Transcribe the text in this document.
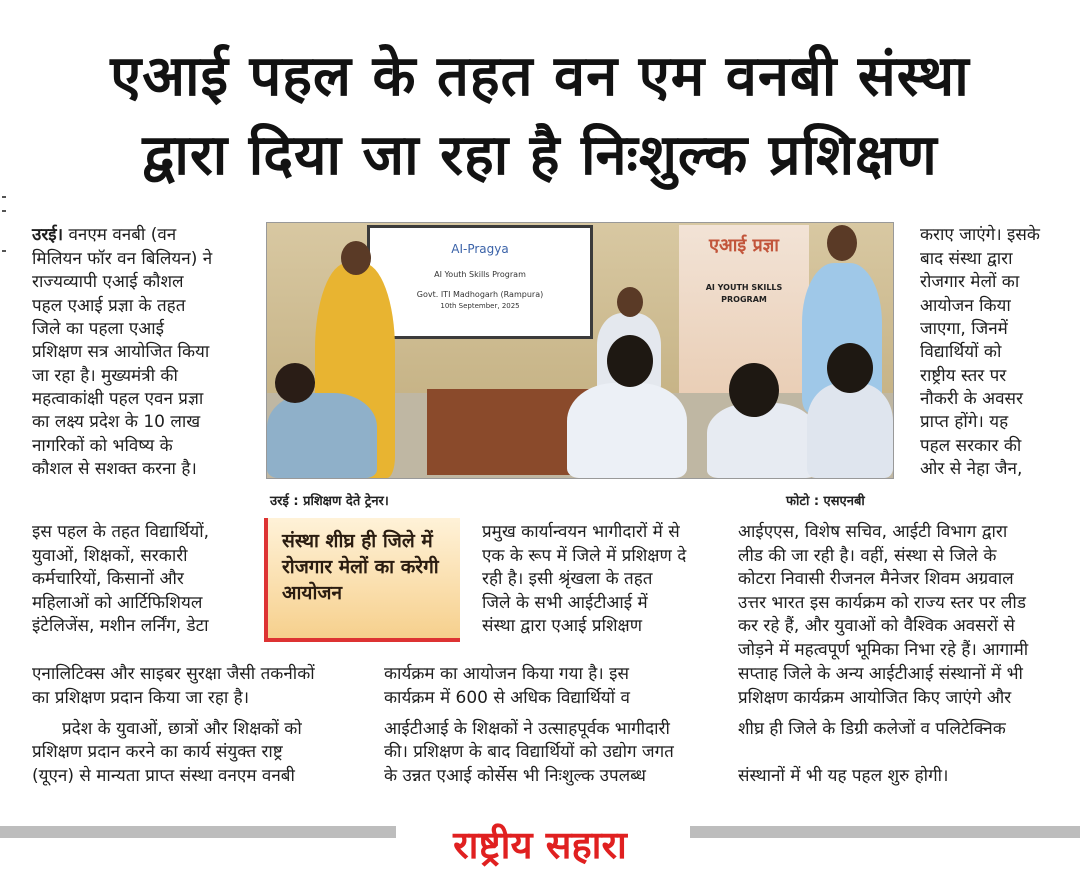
एआई पहल के तहत वन एम वनबी संस्था
द्वारा दिया जा रहा है निःशुल्क प्रशिक्षण
उरई। वनएम वनबी (वन
मिलियन फॉर वन बिलियन) ने
राज्यव्यापी एआई कौशल
पहल एआई प्रज्ञा के तहत
जिले का पहला एआई
प्रशिक्षण सत्र आयोजित किया
जा रहा है। मुख्यमंत्री की
महत्वाकांक्षी पहल एवन प्रज्ञा
का लक्ष्य प्रदेश के 10 लाख
नागरिकों को भविष्य के
कौशल से सशक्त करना है।
इस पहल के तहत विद्यार्थियों,
युवाओं, शिक्षकों, सरकारी
कर्मचारियों, किसानों और
महिलाओं को आर्टिफिशियल
इंटेलिजेंस, मशीन लर्निंग, डेटा
एनालिटिक्स और साइबर सुरक्षा जैसी तकनीकों
का प्रशिक्षण प्रदान किया जा रहा है।
प्रदेश के युवाओं, छात्रों और शिक्षकों को
प्रशिक्षण प्रदान करने का कार्य संयुक्त राष्ट्र
(यूएन) से मान्यता प्राप्त संस्था वनएम वनबी
AI-Pragya
AI Youth Skills Program
Govt. ITI Madhogarh (Rampura)
10th September, 2025
एआई प्रज्ञा
AI YOUTH SKILLS
PROGRAM
उरई : प्रशिक्षण देते ट्रेनर।	फोटो : एसएनबी
संस्था शीघ्र ही जिले में रोजगार मेलों का करेगी आयोजन
प्रमुख कार्यान्वयन भागीदारों में से
एक के रूप में जिले में प्रशिक्षण दे
रही है। इसी श्रृंखला के तहत
जिले के सभी आईटीआई में
संस्था द्वारा एआई प्रशिक्षण
कार्यक्रम का आयोजन किया गया है। इस
कार्यक्रम में 600 से अधिक विद्यार्थियों व
आईटीआई के शिक्षकों ने उत्साहपूर्वक भागीदारी
की। प्रशिक्षण के बाद विद्यार्थियों को उद्योग जगत
के उन्नत एआई कोर्सेस भी निःशुल्क उपलब्ध
कराए जाएंगे। इसके
बाद संस्था द्वारा
रोजगार मेलों का
आयोजन किया
जाएगा, जिनमें
विद्यार्थियों को
राष्ट्रीय स्तर पर
नौकरी के अवसर
प्राप्त होंगे। यह
पहल सरकार की
ओर से नेहा जैन,
आईएएस, विशेष सचिव, आईटी विभाग द्वारा
लीड की जा रही है। वहीं, संस्था से जिले के
कोटरा निवासी रीजनल मैनेजर शिवम अग्रवाल
उत्तर भारत इस कार्यक्रम को राज्य स्तर पर लीड
कर रहे हैं, और युवाओं को वैश्विक अवसरों से
जोड़ने में महत्वपूर्ण भूमिका निभा रहे हैं। आगामी
सप्ताह जिले के अन्य आईटीआई संस्थानों में भी
प्रशिक्षण कार्यक्रम आयोजित किए जाएंगे और
शीघ्र ही जिले के डिग्री कलेजों व पलिटेक्निक
संस्थानों में भी यह पहल शुरु होगी।
राष्ट्रीय सहारा
